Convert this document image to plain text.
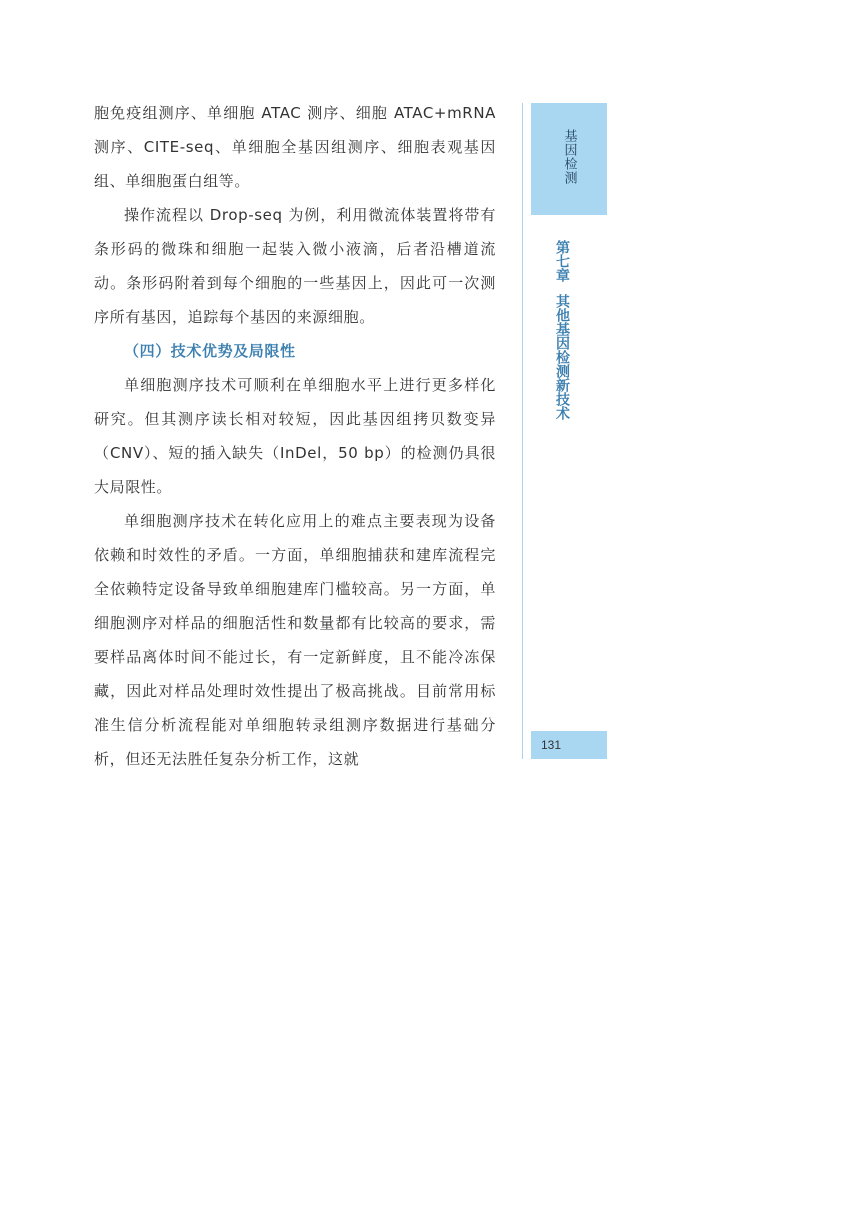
胞免疫组测序、单细胞 ATAC 测序、细胞 ATAC+mRNA 测序、CITE-seq、单细胞全基因组测序、细胞表观基因组、单细胞蛋白组等。

操作流程以 Drop-seq 为例，利用微流体装置将带有条形码的微珠和细胞一起装入微小液滴，后者沿槽道流动。条形码附着到每个细胞的一些基因上，因此可一次测序所有基因，追踪每个基因的来源细胞。

（四）技术优势及局限性

单细胞测序技术可顺利在单细胞水平上进行更多样化研究。但其测序读长相对较短，因此基因组拷贝数变异（CNV）、短的插入缺失（InDel，50 bp）的检测仍具很大局限性。

单细胞测序技术在转化应用上的难点主要表现为设备依赖和时效性的矛盾。一方面，单细胞捕获和建库流程完全依赖特定设备导致单细胞建库门槛较高。另一方面，单细胞测序对样品的细胞活性和数量都有比较高的要求，需要样品离体时间不能过长，有一定新鲜度，且不能冷冻保藏，因此对样品处理时效性提出了极高挑战。目前常用标准生信分析流程能对单细胞转录组测序数据进行基础分析，但还无法胜任复杂分析工作，这就

基因检测
第七章
其他基因检测新技术
131
